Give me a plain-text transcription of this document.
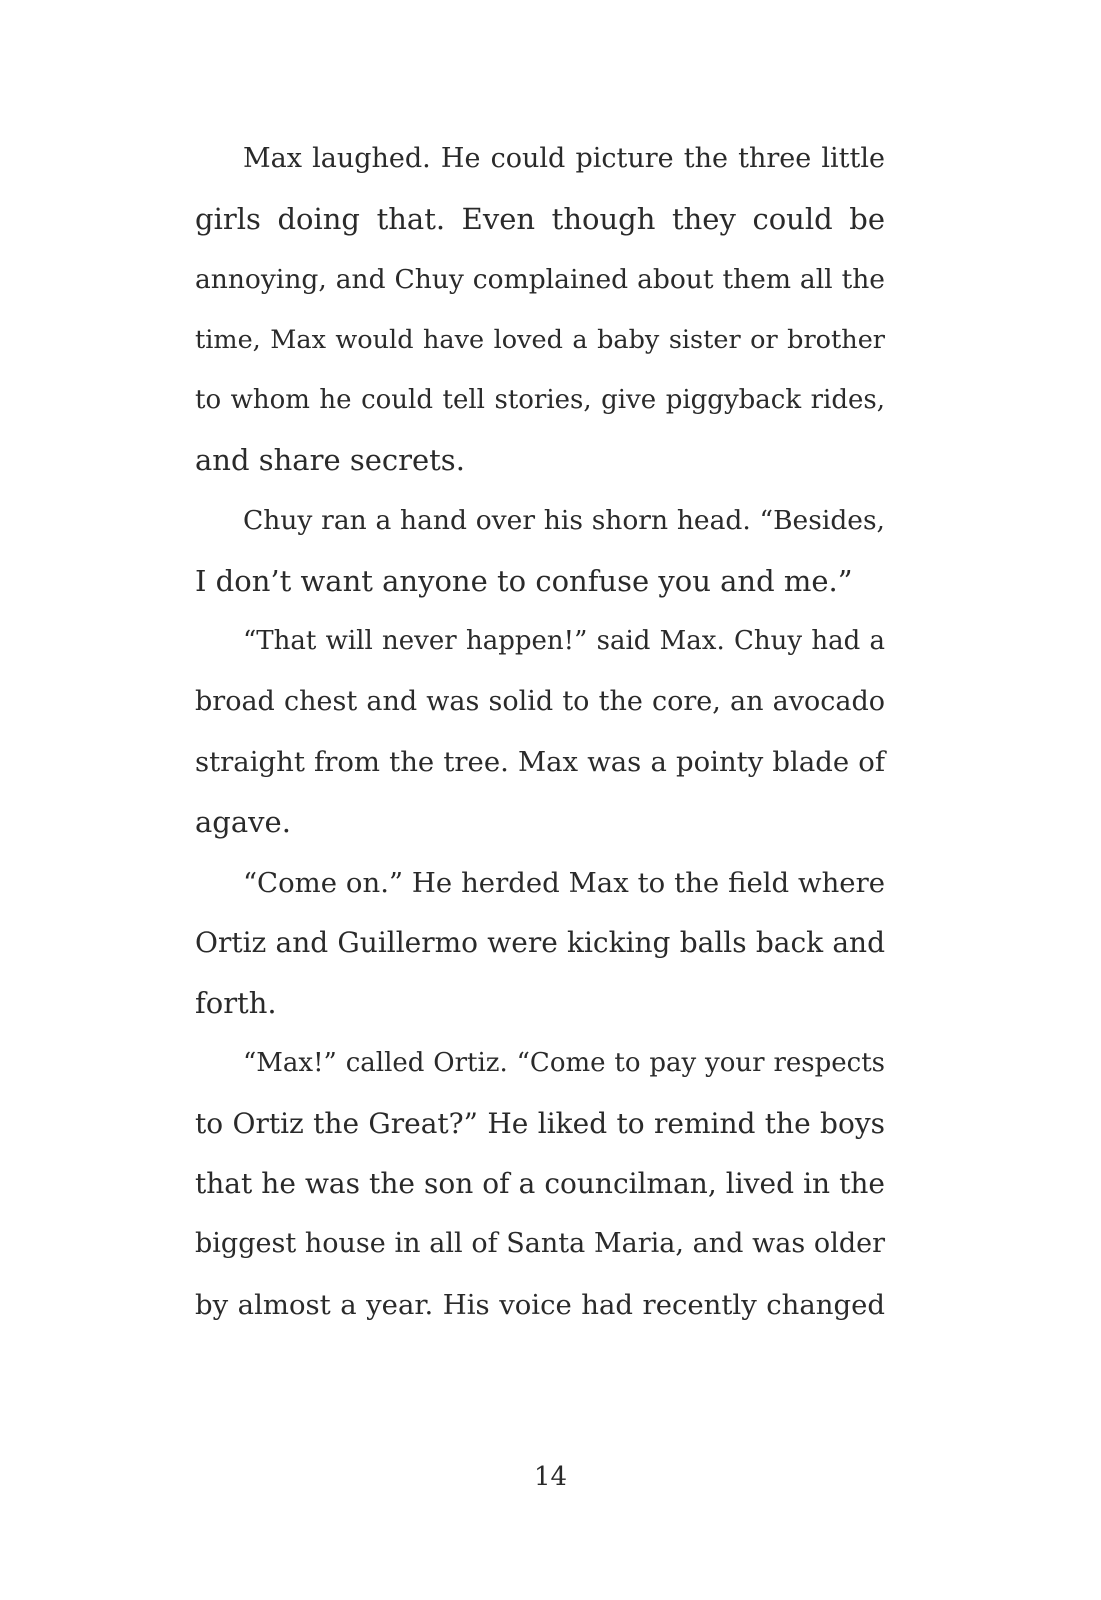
Max laughed. He could picture the three little
girls doing that. Even though they could be
annoying, and Chuy complained about them all the
time, Max would have loved a baby sister or brother
to whom he could tell stories, give piggyback rides,
and share secrets.
Chuy ran a hand over his shorn head. “Besides,
I don’t want anyone to confuse you and me.”
“That will never happen!” said Max. Chuy had a
broad chest and was solid to the core, an avocado
straight from the tree. Max was a pointy blade of
agave.
“Come on.” He herded Max to the field where
Ortiz and Guillermo were kicking balls back and
forth.
“Max!” called Ortiz. “Come to pay your respects
to Ortiz the Great?” He liked to remind the boys
that he was the son of a councilman, lived in the
biggest house in all of Santa Maria, and was older
by almost a year. His voice had recently changed
14
